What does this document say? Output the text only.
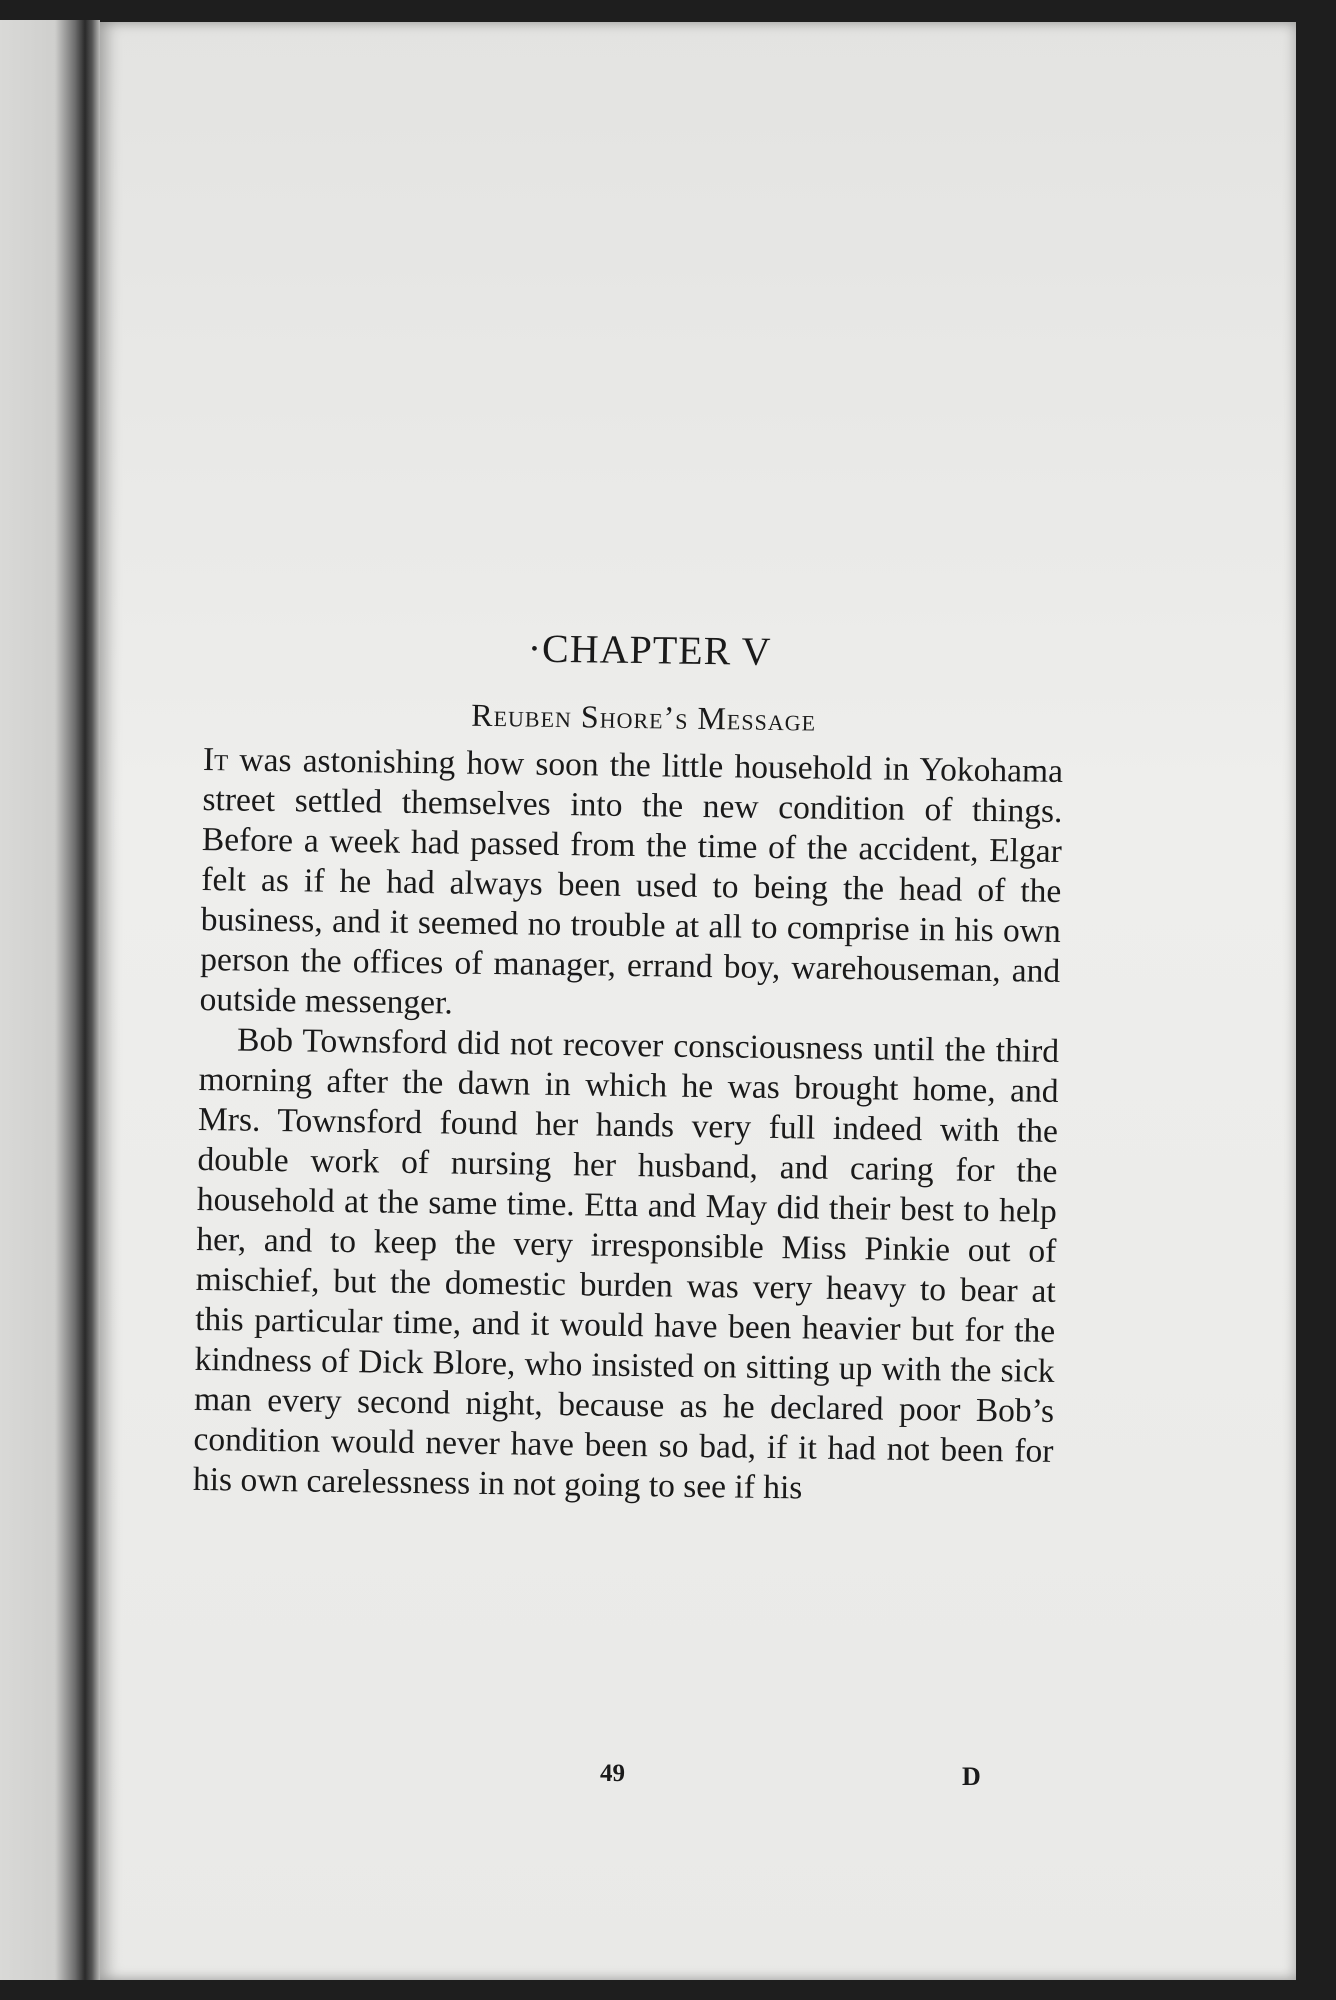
·CHAPTER V
Reuben Shore’s Message

It was astonishing how soon the little household in Yokohama street settled themselves into the new condition of things. Before a week had passed from the time of the accident, Elgar felt as if he had always been used to being the head of the business, and it seemed no trouble at all to comprise in his own person the offices of manager, errand boy, warehouseman, and outside messenger.

Bob Townsford did not recover consciousness until the third morning after the dawn in which he was brought home, and Mrs. Townsford found her hands very full indeed with the double work of nursing her husband, and caring for the household at the same time. Etta and May did their best to help her, and to keep the very irresponsible Miss Pinkie out of mischief, but the domestic burden was very heavy to bear at this particular time, and it would have been heavier but for the kindness of Dick Blore, who insisted on sitting up with the sick man every second night, because as he declared poor Bob’s condition would never have been so bad, if it had not been for his own carelessness in not going to see if his

49	D
